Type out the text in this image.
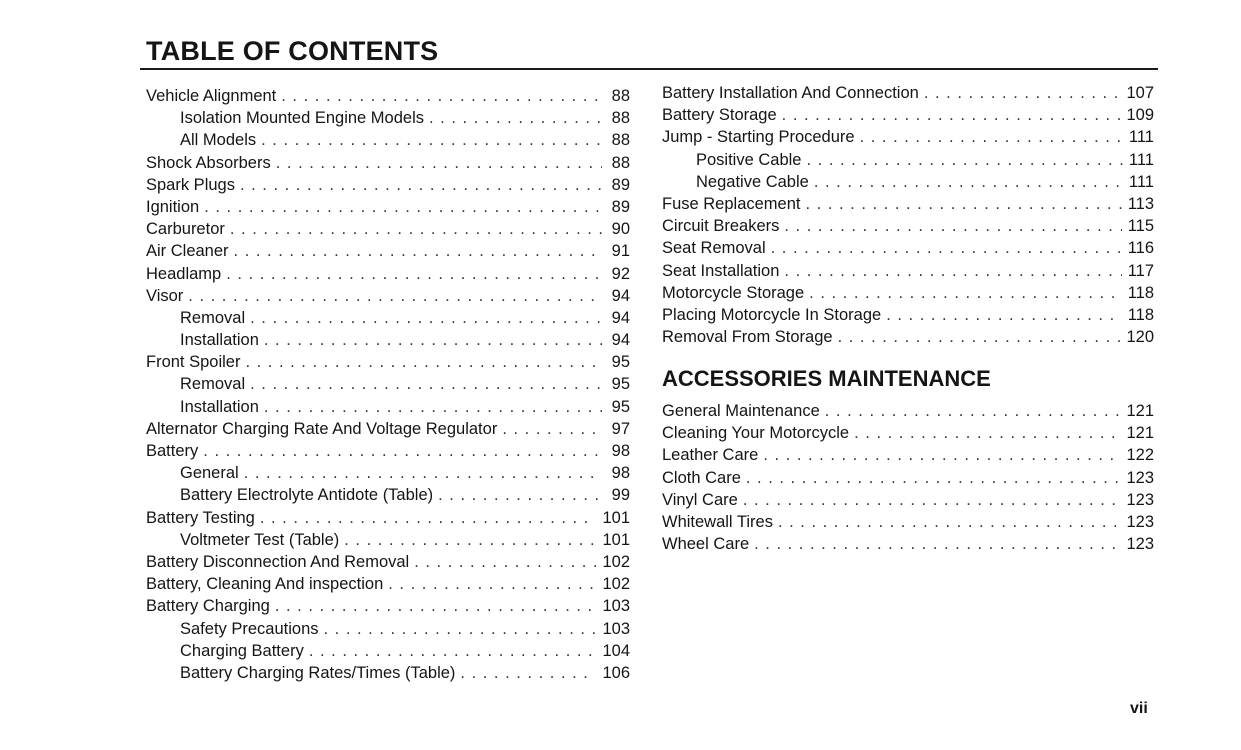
TABLE OF CONTENTS
Vehicle Alignment . . .	88
Isolation Mounted Engine Models . . .	88
All Models . . .	88
Shock Absorbers . . .	88
Spark Plugs . . .	89
Ignition . . .	89
Carburetor . . .	90
Air Cleaner . . .	91
Headlamp . . .	92
Visor . . .	94
Removal . . .	94
Installation . . .	94
Front Spoiler . . .	95
Removal . . .	95
Installation . . .	95
Alternator Charging Rate And Voltage Regulator . . .	97
Battery . . .	98
General . . .	98
Battery Electrolyte Antidote (Table) . . .	99
Battery Testing . . .	101
Voltmeter Test (Table) . . .	101
Battery Disconnection And Removal . . .	102
Battery, Cleaning And inspection . . .	102
Battery Charging . . .	103
Safety Precautions . . .	103
Charging Battery . . .	104
Battery Charging Rates/Times (Table) . . .	106
Battery Installation And Connection . . .	107
Battery Storage . . .	109
Jump - Starting Procedure . . .	111
Positive Cable . . .	111
Negative Cable . . .	111
Fuse Replacement . . .	113
Circuit Breakers . . .	115
Seat Removal . . .	116
Seat Installation . . .	117
Motorcycle Storage . . .	118
Placing Motorcycle In Storage . . .	118
Removal From Storage . . .	120
ACCESSORIES MAINTENANCE
General Maintenance . . .	121
Cleaning Your Motorcycle . . .	121
Leather Care . . .	122
Cloth Care . . .	123
Vinyl Care . . .	123
Whitewall Tires . . .	123
Wheel Care . . .	123
vii
